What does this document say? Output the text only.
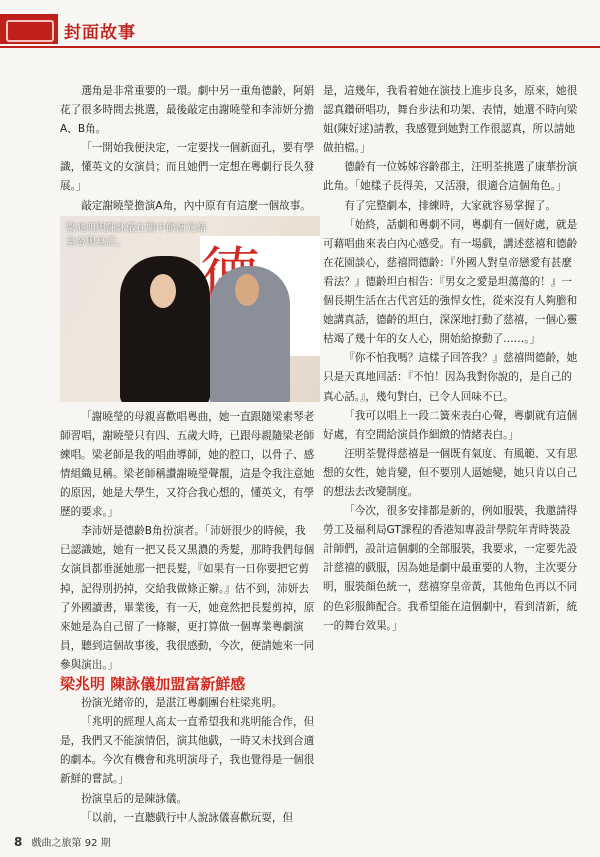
封面故事

選角是非常重要的一環。劇中另一重角德齡，阿娟花了很多時間去挑選，最後敲定由謝曉瑩和李沛妍分擔A、B角。

「一開始我便決定，一定要找一個新面孔，要有學識，懂英文的女演員；而且她們一定想在粵劇行長久發展。」

敲定謝曉瑩擔演A角，內中原有有這麼一個故事。

梁兆明與陳詠儀在劇中飾演光緒皇帝與皇后。

「謝曉瑩的母親喜歡唱粵曲，她一直跟隨梁素琴老師習唱，謝曉瑩只有四、五歲大時，已跟母親隨梁老師練唱。梁老師是我的唱曲導師，她的腔口，以骨子、感情組織見稱。梁老師稱讚謝曉瑩聲靚，這是令我注意她的原因，她是大學生，又符合我心想的，懂英文，有學歷的要求。」

李沛妍是德齡B角扮演者。「沛妍很少的時候，我已認識她，她有一把又長又黑濃的秀髮，那時我們每個女演員都垂涎她那一把長髮，『如果有一日你要把它剪掉，記得別扔掉，交給我做條正辮。』估不到，沛妍去了外國讀書，畢業後，有一天，她竟然把長髮剪掉，原來她是為自己留了一條辮，更打算做一個專業粵劇演員，聽到這個故事後，我很感動，今次，便請她來一同參與演出。」

梁兆明 陳詠儀加盟富新鮮感

扮演光緒帝的，是湛江粵劇團台柱梁兆明。

「兆明的經理人高太一直希望我和兆明能合作，但是，我們又不能演情侶，演其他戲，一時又未找到合適的劇本。今次有機會和兆明演母子，我也覺得是一個很新鮮的嘗試。」

扮演皇后的是陳詠儀。

「以前，一直聽戲行中人說詠儀喜歡玩耍，但

是，這幾年，我看着她在演技上進步良多，原來，她很認真鑽研唱功，舞台步法和功架、表情，她還不時向梁姐(陳好逑)請教，我感覺到她對工作很認真，所以請她做拍檔。」

德齡有一位姊姊容齡郡主，汪明荃挑選了康華扮演此角。「她樣子長得美，又活潑，很適合這個角色。」

有了完整劇本，排練時，大家就容易掌握了。

「始終，話劇和粵劇不同，粵劇有一個好處，就是可藉唱曲來表白內心感受。有一場戲，講述慈禧和德齡在花園談心，慈禧問德齡：『外國人對皇帝戀愛有甚麼看法？』德齡坦白相告：『男女之愛是坦蕩蕩的！』一個長期生活在古代宮廷的強悍女性，從來沒有人夠膽和她講真話，德齡的坦白，深深地打動了慈禧，一個心靈枯竭了幾十年的女人心，開始給撩動了……。」

『你不怕我嗎？這樣子回答我？』慈禧問德齡，她只是天真地回話：『不怕！因為我對你說的，是自己的真心話。』，幾句對白，已令人回味不已。

「我可以唱上一段二簧來表白心聲，粵劇就有這個好處，有空間給演員作細緻的情緒表白。」

汪明荃覺得慈禧是一個既有氣度、有風範、又有思想的女性，她肯變，但不要別人逼她變，她只肯以自己的想法去改變制度。

「今次，很多安排都是新的，例如服裝，我邀請得勞工及福利局GT課程的香港知專設計學院年青時裝設計師們，設計這個劇的全部服裝，我要求，一定要先設計慈禧的戲服，因為她是劇中最重要的人物，主次要分明，服裝顏色統一，慈禧穿皇帝黃，其他角色再以不同的色彩服飾配合。我希望能在這個劇中，看到清新，統一的舞台效果。」

8 戲曲之旅第 92 期
